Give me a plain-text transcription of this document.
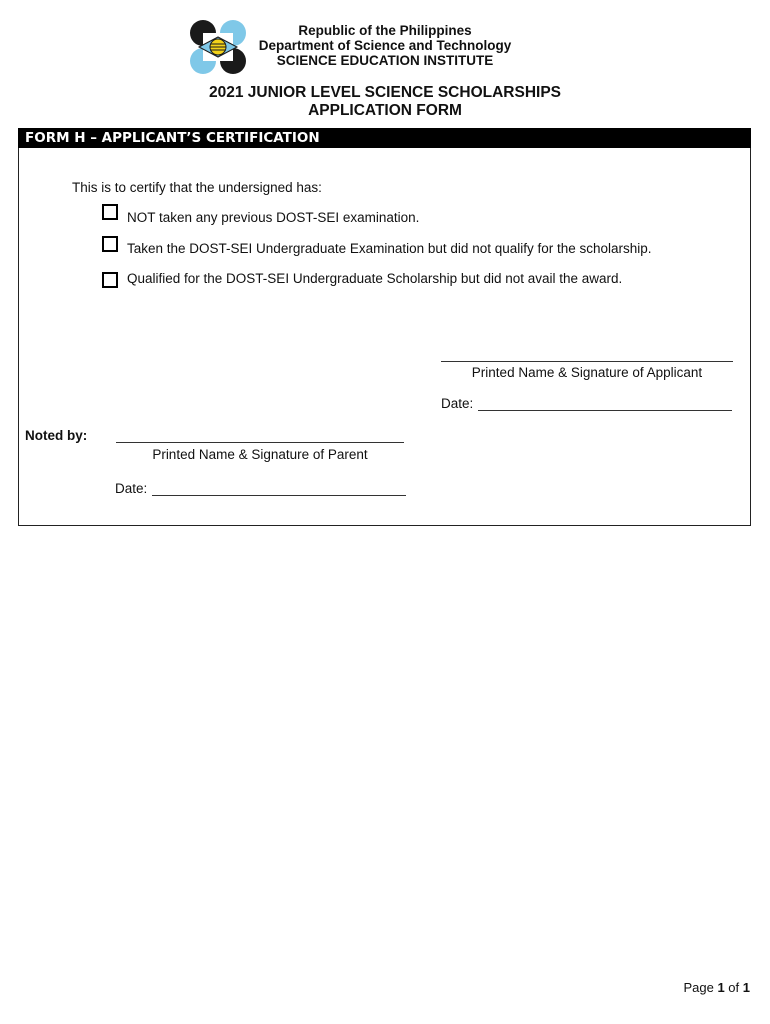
Republic of the Philippines
Department of Science and Technology
SCIENCE EDUCATION INSTITUTE
2021 JUNIOR LEVEL SCIENCE SCHOLARSHIPS
APPLICATION FORM
FORM H – APPLICANT’S CERTIFICATION
This is to certify that the undersigned has:
NOT taken any previous DOST-SEI examination.
Taken the DOST-SEI Undergraduate Examination but did not qualify for the scholarship.
Qualified for the DOST-SEI Undergraduate Scholarship but did not avail the award.
Printed Name & Signature of Applicant
Date:
Noted by:
Printed Name & Signature of Parent
Date:
Page 1 of 1
